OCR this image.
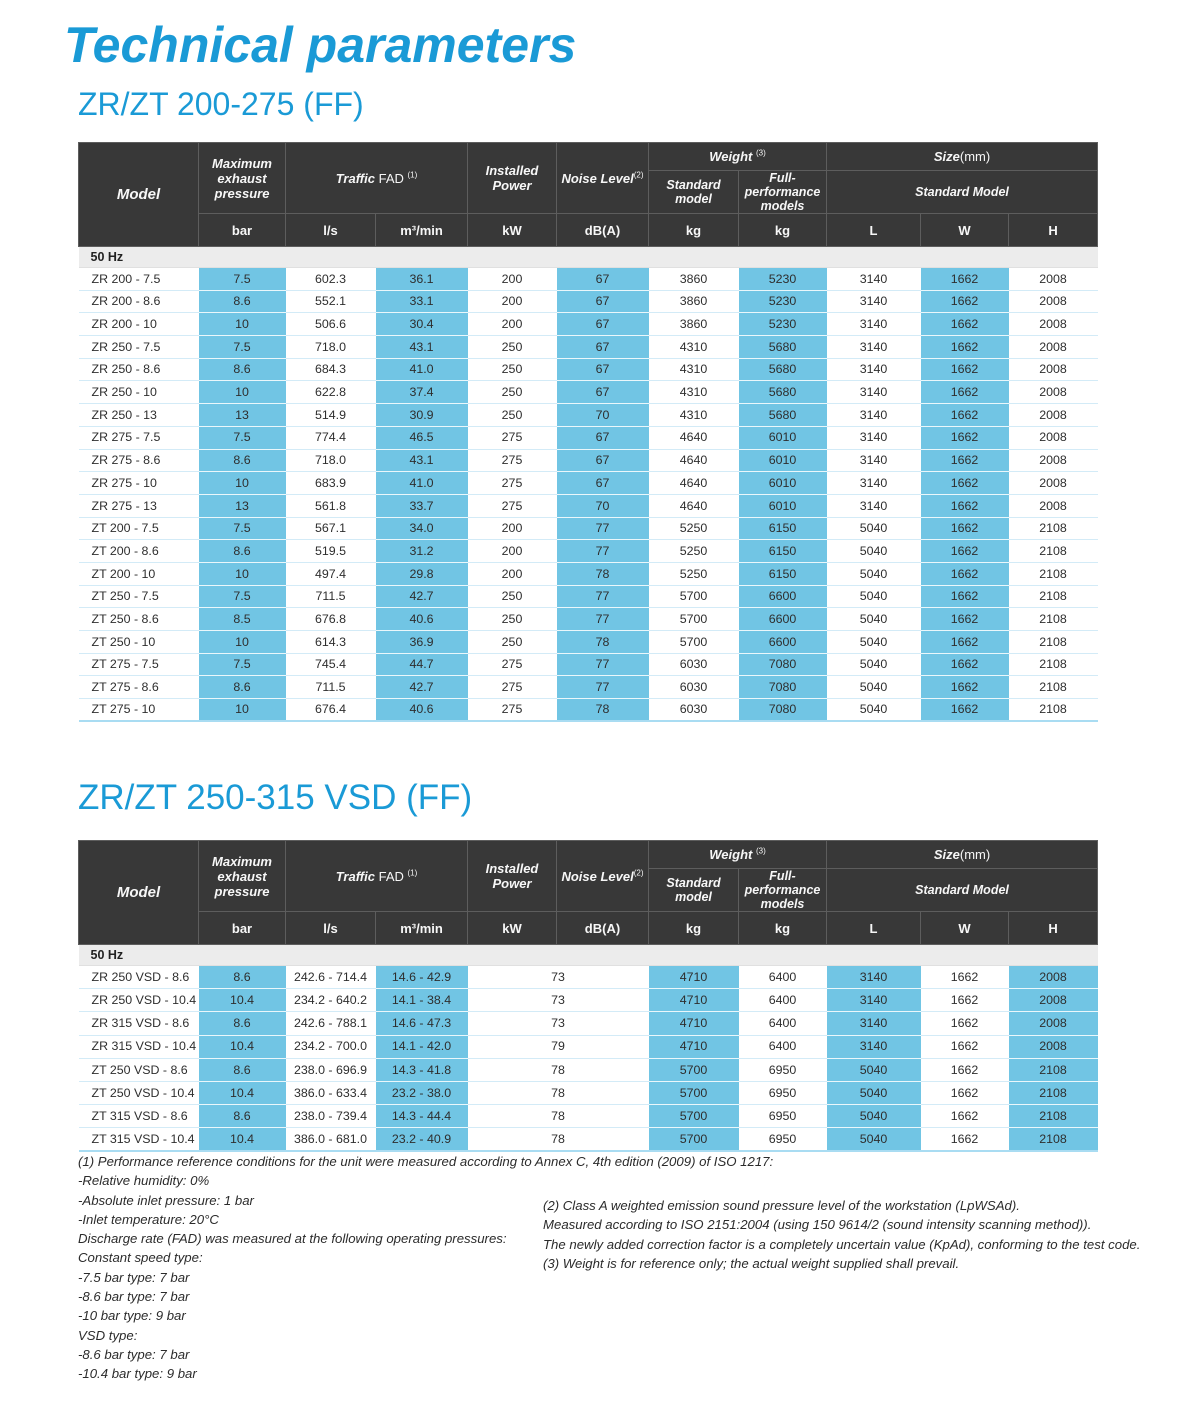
Technical parameters
ZR/ZT 200-275 (FF)
Model	Maximum exhaust pressure	Traffic FAD $^{(1)}$		Installed Power	Noise Level$^{(2)}$	Weight $^{(3)}$		Size(mm)		
						Standard model	Full-performance models	Standard Model		
	bar	l/s	m³/min	kW	dB(A)	kg	kg	L	W	H
50 Hz										
ZR 200 - 7.5	7.5	602.3	36.1	200	67	3860	5230	3140	1662	2008
ZR 200 - 8.6	8.6	552.1	33.1	200	67	3860	5230	3140	1662	2008
ZR 200 - 10	10	506.6	30.4	200	67	3860	5230	3140	1662	2008
ZR 250 - 7.5	7.5	718.0	43.1	250	67	4310	5680	3140	1662	2008
ZR 250 - 8.6	8.6	684.3	41.0	250	67	4310	5680	3140	1662	2008
ZR 250 - 10	10	622.8	37.4	250	67	4310	5680	3140	1662	2008
ZR 250 - 13	13	514.9	30.9	250	70	4310	5680	3140	1662	2008
ZR 275 - 7.5	7.5	774.4	46.5	275	67	4640	6010	3140	1662	2008
ZR 275 - 8.6	8.6	718.0	43.1	275	67	4640	6010	3140	1662	2008
ZR 275 - 10	10	683.9	41.0	275	67	4640	6010	3140	1662	2008
ZR 275 - 13	13	561.8	33.7	275	70	4640	6010	3140	1662	2008
ZT 200 - 7.5	7.5	567.1	34.0	200	77	5250	6150	5040	1662	2108
ZT 200 - 8.6	8.6	519.5	31.2	200	77	5250	6150	5040	1662	2108
ZT 200 - 10	10	497.4	29.8	200	78	5250	6150	5040	1662	2108
ZT 250 - 7.5	7.5	711.5	42.7	250	77	5700	6600	5040	1662	2108
ZT 250 - 8.6	8.5	676.8	40.6	250	77	5700	6600	5040	1662	2108
ZT 250 - 10	10	614.3	36.9	250	78	5700	6600	5040	1662	2108
ZT 275 - 7.5	7.5	745.4	44.7	275	77	6030	7080	5040	1662	2108
ZT 275 - 8.6	8.6	711.5	42.7	275	77	6030	7080	5040	1662	2108
ZT 275 - 10	10	676.4	40.6	275	78	6030	7080	5040	1662	2108
ZR/ZT 250-315 VSD (FF)
Model	Maximum exhaust pressure	Traffic FAD $^{(1)}$		Installed Power	Noise Level$^{(2)}$	Weight $^{(3)}$		Size(mm)		
						Standard model	Full-performance models	Standard Model		
	bar	l/s	m³/min	kW	dB(A)	kg	kg	L	W	H
50 Hz										
ZR 250 VSD - 8.6	8.6	242.6 - 714.4	14.6 - 42.9	73		4710	6400	3140	1662	2008
ZR 250 VSD - 10.4	10.4	234.2 - 640.2	14.1 - 38.4	73		4710	6400	3140	1662	2008
ZR 315 VSD - 8.6	8.6	242.6 - 788.1	14.6 - 47.3	73		4710	6400	3140	1662	2008
ZR 315 VSD - 10.4	10.4	234.2 - 700.0	14.1 - 42.0	79		4710	6400	3140	1662	2008
ZT 250 VSD - 8.6	8.6	238.0 - 696.9	14.3 - 41.8	78		5700	6950	5040	1662	2108
ZT 250 VSD - 10.4	10.4	386.0 - 633.4	23.2 - 38.0	78		5700	6950	5040	1662	2108
ZT 315 VSD - 8.6	8.6	238.0 - 739.4	14.3 - 44.4	78		5700	6950	5040	1662	2108
ZT 315 VSD - 10.4	10.4	386.0 - 681.0	23.2 - 40.9	78		5700	6950	5040	1662	2108
(1) Performance reference conditions for the unit were measured according to Annex C, 4th edition (2009) of ISO 1217:
-Relative humidity: 0%
-Absolute inlet pressure: 1 bar
-Inlet temperature: 20°C
Discharge rate (FAD) was measured at the following operating pressures:
Constant speed type:
-7.5 bar type: 7 bar
-8.6 bar type: 7 bar
-10 bar type: 9 bar
VSD type:
-8.6 bar type: 7 bar
-10.4 bar type: 9 bar
(2) Class A weighted emission sound pressure level of the workstation (LpWSAd).
Measured according to ISO 2151:2004 (using 150 9614/2 (sound intensity scanning method)).
The newly added correction factor is a completely uncertain value (KpAd), conforming to the test code.
(3) Weight is for reference only; the actual weight supplied shall prevail.
